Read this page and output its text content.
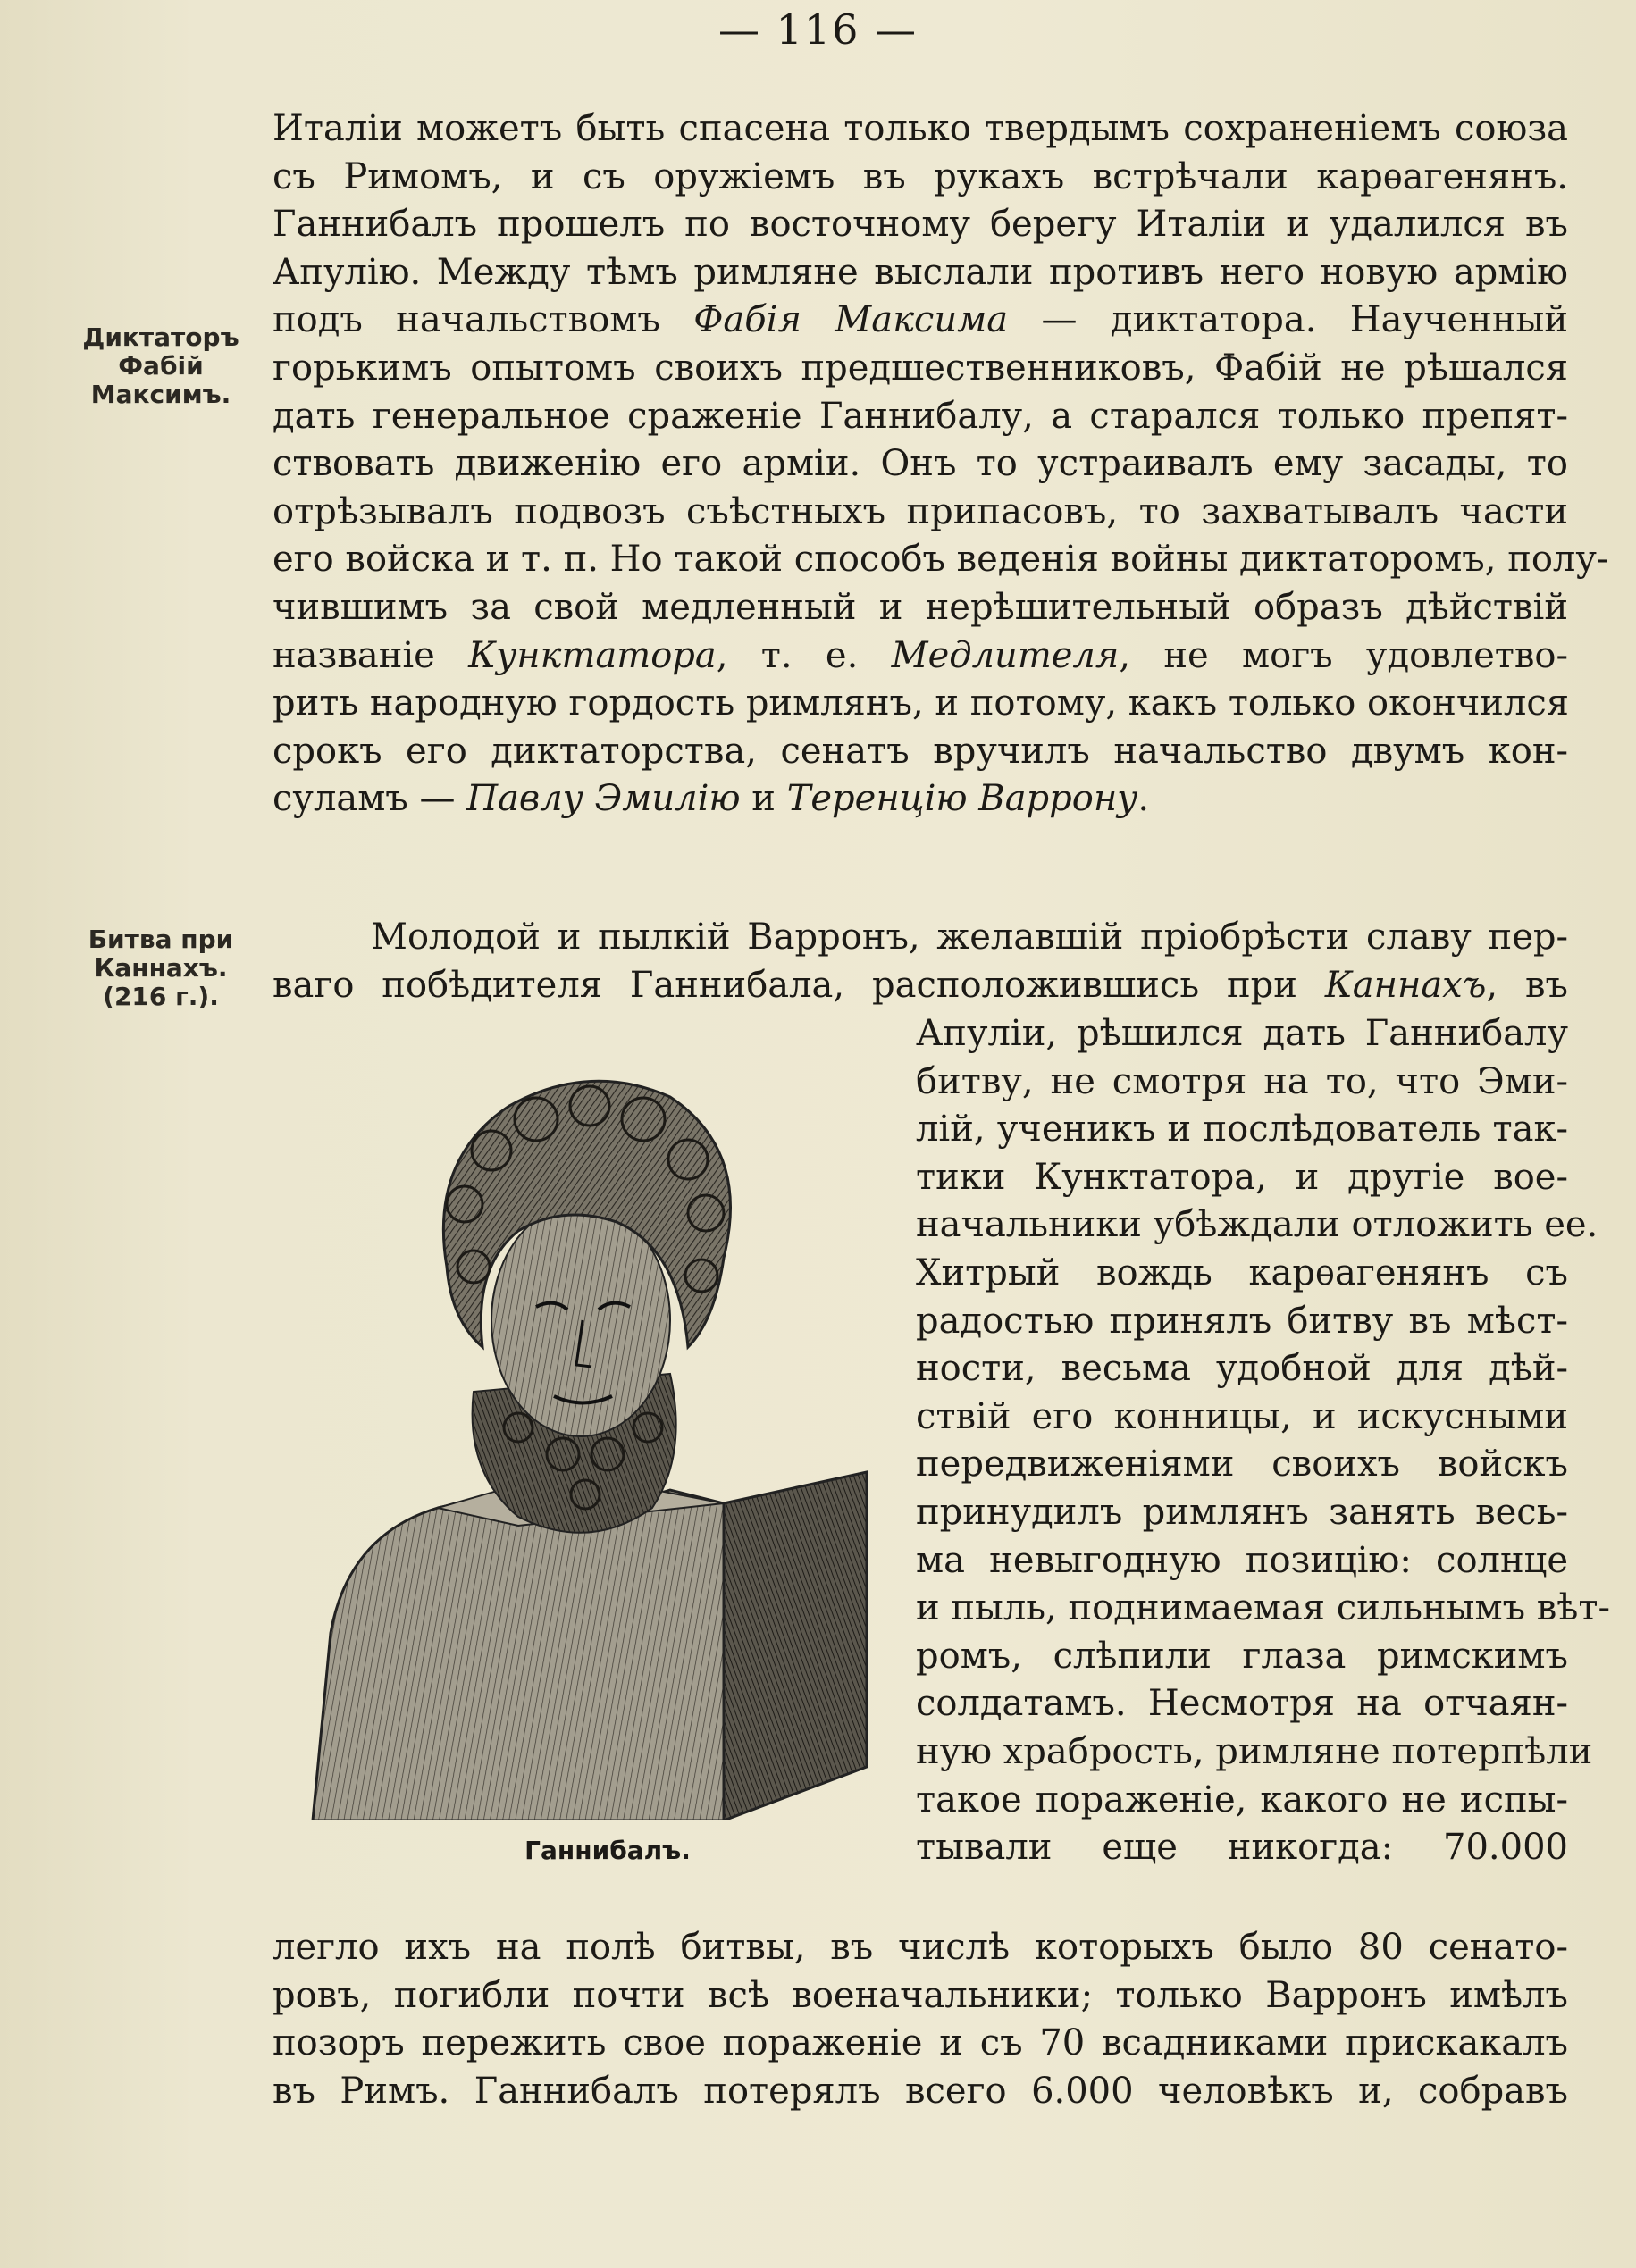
— 116 —
Диктаторъ
Фабій
Максимъ.
Битва при
Каннахъ.
(216 г.).
Италіи можетъ быть спасена только твердымъ сохраненіемъ союза
съ Римомъ, и съ оружіемъ въ рукахъ встрѣчали карѳагенянъ.
Ганнибалъ прошелъ по восточному берегу Италіи и удалился въ
Апулію. Между тѣмъ римляне выслали противъ него новую армію
подъ начальствомъ Фабія Максима — диктатора. Наученный
горькимъ опытомъ своихъ предшественниковъ, Фабій не рѣшался
дать генеральное сраженіе Ганнибалу, а старался только препят-
ствовать движенію его арміи. Онъ то устраивалъ ему засады, то
отрѣзывалъ подвозъ съѣстныхъ припасовъ, то захватывалъ части
его войска и т. п. Но такой способъ веденія войны диктаторомъ, полу-
чившимъ за свой медленный и нерѣшительный образъ дѣйствій
названіе Кунктатора, т. е. Медлителя, не могъ удовлетво-
рить народную гордость римлянъ, и потому, какъ только окончился
срокъ его диктаторства, сенатъ вручилъ начальство двумъ кон-
суламъ — Павлу Эмилію и Теренцію Варрону.
Молодой и пылкій Варронъ, желавшій пріобрѣсти славу пер-
ваго побѣдителя Ганнибала, расположившись при Каннахъ, въ
Апуліи, рѣшился дать Ганнибалу
битву, не смотря на то, что Эми-
лій, ученикъ и послѣдователь так-
тики Кунктатора, и другіе вое-
начальники убѣждали отложить ее.
Хитрый вождь карѳагенянъ съ
радостью принялъ битву въ мѣст-
ности, весьма удобной для дѣй-
ствій его конницы, и искусными
передвиженіями своихъ войскъ
принудилъ римлянъ занять весь-
ма невыгодную позицію: солнце
и пыль, поднимаемая сильнымъ вѣт-
ромъ, слѣпили глаза римскимъ
солдатамъ. Несмотря на отчаян-
ную храбрость, римляне потерпѣли
такое пораженіе, какого не испы-
тывали еще никогда: 70.000
легло ихъ на полѣ битвы, въ числѣ которыхъ было 80 сенато-
ровъ, погибли почти всѣ военачальники; только Варронъ имѣлъ
позоръ пережить свое пораженіе и съ 70 всадниками прискакалъ
въ Римъ. Ганнибалъ потерялъ всего 6.000 человѣкъ и, собравъ
Ганнибалъ.
